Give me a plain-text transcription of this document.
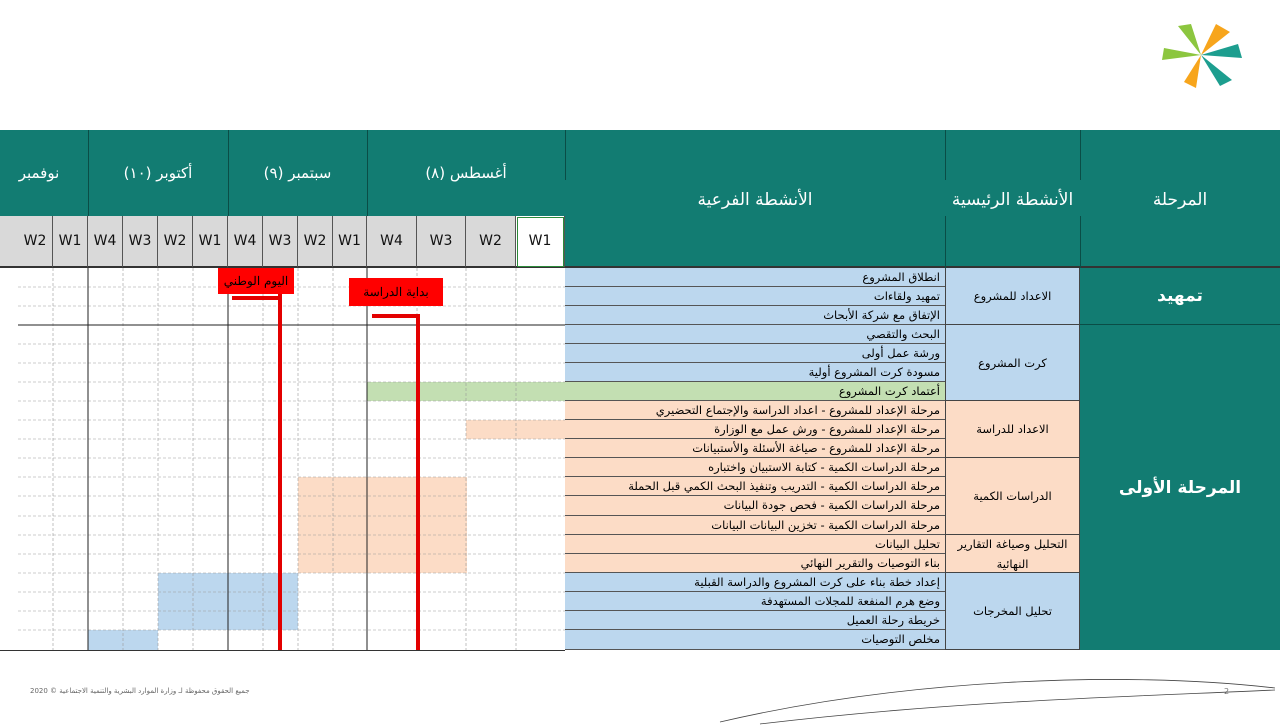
أغسطس (٨)
سبتمبر (٩)
أكتوبر (١٠)
نوفمبر
المرحلة
الأنشطة الرئيسية
الأنشطة الفرعية
W1
W2
W3
W4
W1
W2
W3
W4
W1
W2
W3
W4
W1
W2
تمهيد
المرحلة الأولى
الاعداد للمشروع
كرت المشروع
الاعداد للدراسة
الدراسات الكمية
التحليل وصياغة التقارير النهائية
تحليل المخرجات
انطلاق المشروع
تمهيد ولقاءات
الإتفاق مع شركة الأبحاث
البحث والتقصي
ورشة عمل أولى
مسودة كرت المشروع أولية
أعتماد كرت المشروع
مرحلة الإعداد للمشروع - اعداد الدراسة والإجتماع التحضيري
مرحلة الإعداد للمشروع - ورش عمل مع الوزارة
مرحلة الإعداد للمشروع - صياغة الأسئلة والأستبيانات
مرحلة الدراسات الكمية - كتابة الاستبيان واختباره
مرحلة الدراسات الكمية - التدريب وتنفيذ البحث الكمي قبل الحملة
مرحلة الدراسات الكمية - فحص جودة البيانات
مرحلة الدراسات الكمية - تخزين البيانات البيانات
تحليل البيانات
بناء التوصيات والتقرير النهائي
إعداد خطة بناء على كرت المشروع والدراسة القبلية
وضع هرم المنفعة للمجلات المستهدفة
خريطة رحلة العميل
مخلص التوصيات
اليوم الوطني
بداية الدراسة
جميع الحقوق محفوظة لـ وزارة الموارد البشرية والتنمية الاجتماعية © 2020	2
